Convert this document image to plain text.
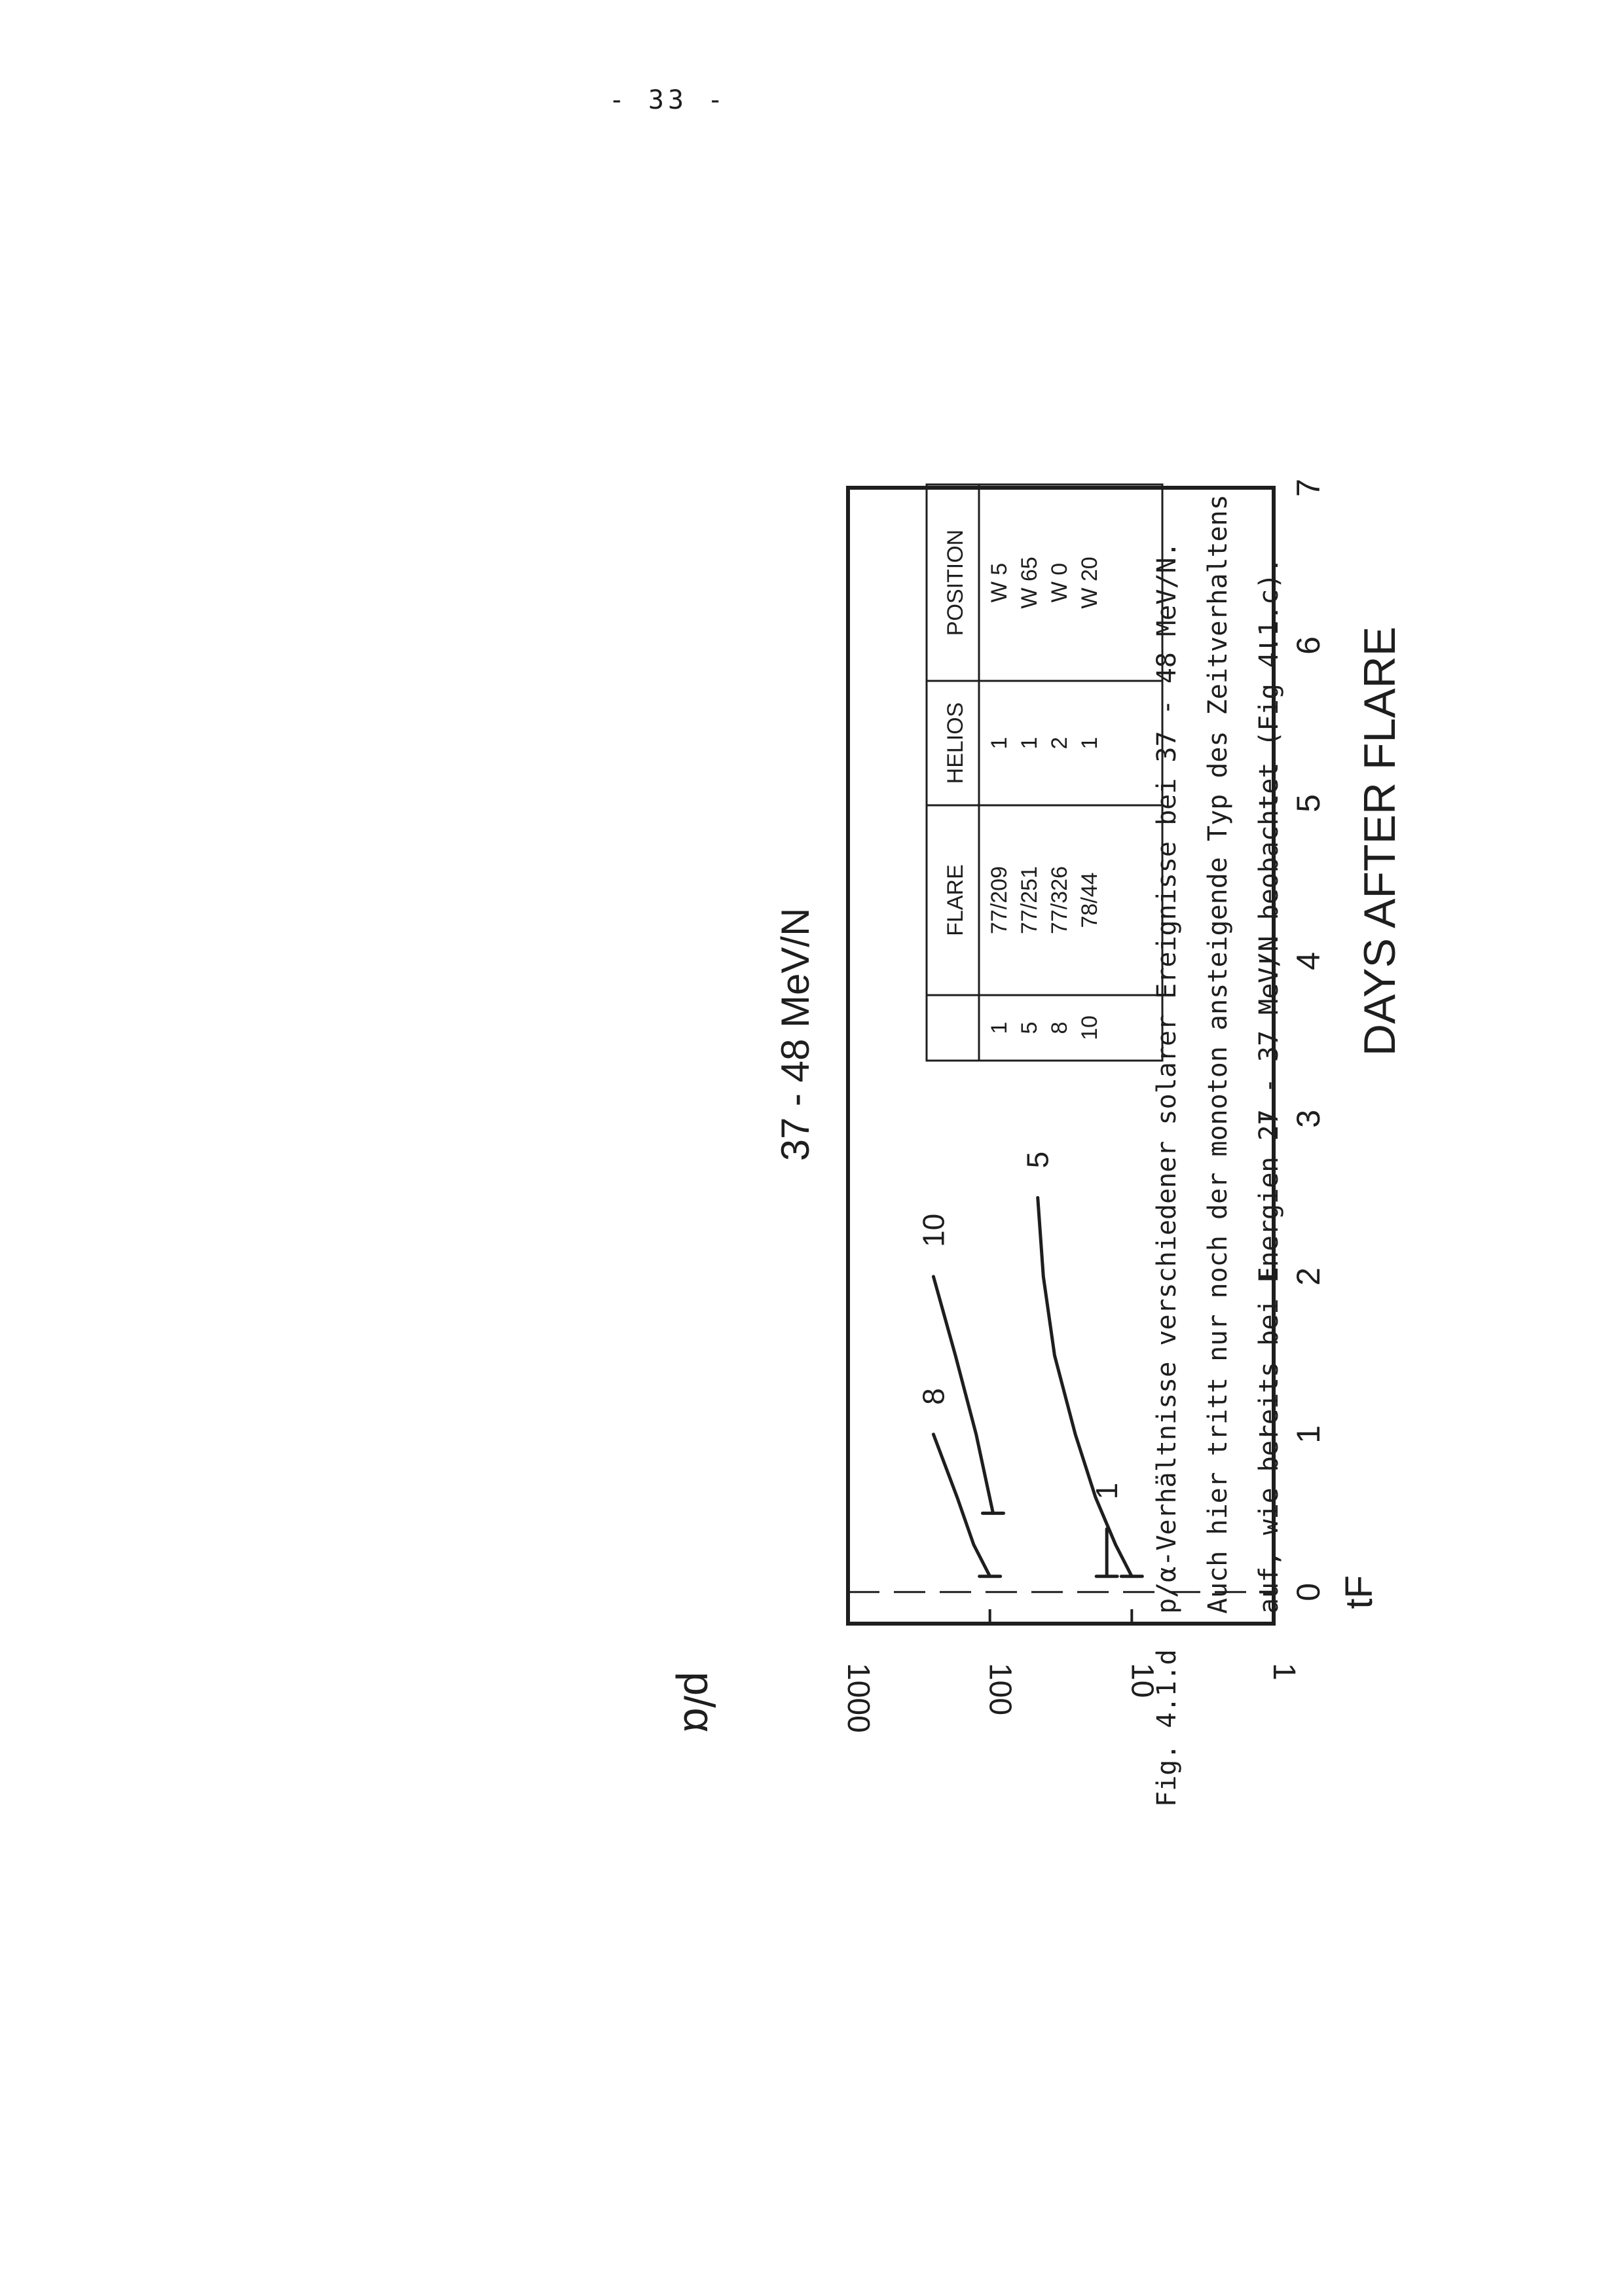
- 33 -
37 - 48 MeV/N	DAYS AFTER FLARE
tF
0
1
2
3
4
5
6
7
1
5
8
10
1 5 8 10
FLARE 77/209 77/251 77/326 78/44
HELIOS 1 1 2 1
POSITION W 5 W 65 W 0 W 20
1
10
100
1000
p/α	Fig. 4.1.d
p/α-Verhältnisse verschiedener solarer Ereignisse bei 37 - 48 MeV/N. Auch hier tritt nur noch der monoton ansteigende Typ des Zeitverhaltens auf, wie bereits bei Energien 27 - 37 MeV/N beobachtet (Fig 4.1.c).
